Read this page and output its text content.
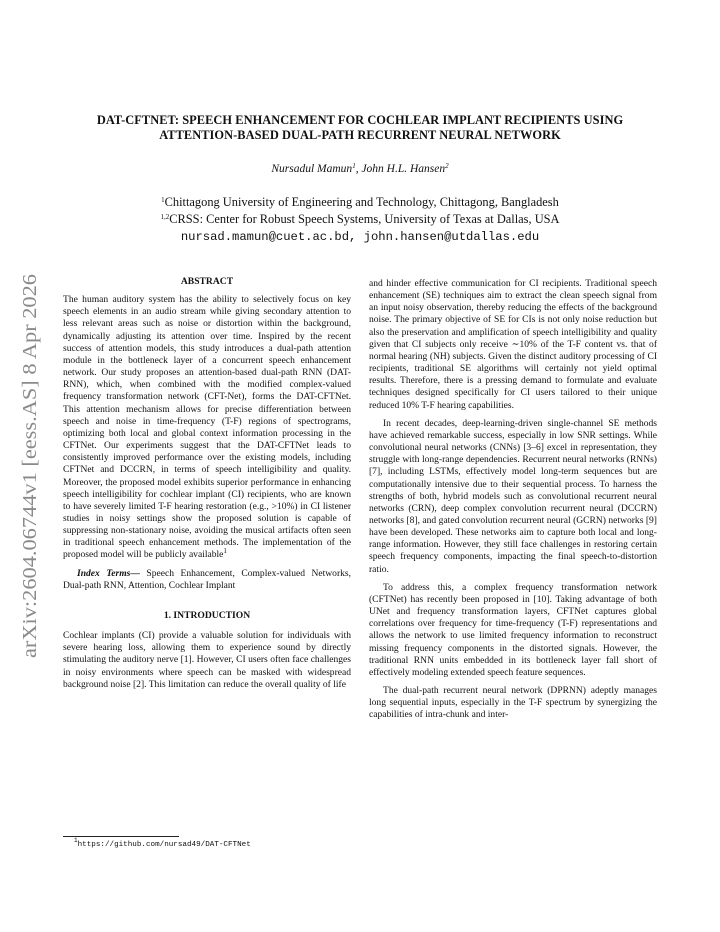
arXiv:2604.06744v1 [eess.AS] 8 Apr 2026
DAT-CFTNET: SPEECH ENHANCEMENT FOR COCHLEAR IMPLANT RECIPIENTS USING
ATTENTION-BASED DUAL-PATH RECURRENT NEURAL NETWORK
Nursadul Mamun$^1$, John H.L. Hansen$^2$
$^1$Chittagong University of Engineering and Technology, Chittagong, Bangladesh
$^{1,2}$CRSS: Center for Robust Speech Systems, University of Texas at Dallas, USA
nursad.mamun@cuet.ac.bd, john.hansen@utdallas.edu
ABSTRACT

The human auditory system has the ability to selectively focus on key speech elements in an audio stream while giving secondary attention to less relevant areas such as noise or distortion within the background, dynamically adjusting its attention over time. Inspired by the recent success of attention models, this study introduces a dual-path attention module in the bottleneck layer of a concurrent speech enhancement network. Our study proposes an attention-based dual-path RNN (DAT-RNN), which, when combined with the modified complex-valued frequency transformation network (CFT-Net), forms the DAT-CFTNet. This attention mechanism allows for precise differentiation between speech and noise in time-frequency (T-F) regions of spectrograms, optimizing both local and global context information processing in the CFTNet. Our experiments suggest that the DAT-CFTNet leads to consistently improved performance over the existing models, including CFTNet and DCCRN, in terms of speech intelligibility and quality. Moreover, the proposed model exhibits superior performance in enhancing speech intelligibility for cochlear implant (CI) recipients, who are known to have severely limited T-F hearing restoration (e.g., >10%) in CI listener studies in noisy settings show the proposed solution is capable of suppressing non-stationary noise, avoiding the musical artifacts often seen in traditional speech enhancement methods. The implementation of the proposed model will be publicly available$^1$

Index Terms— Speech Enhancement, Complex-valued Networks, Dual-path RNN, Attention, Cochlear Implant

1. INTRODUCTION

Cochlear implants (CI) provide a valuable solution for individuals with severe hearing loss, allowing them to experience sound by directly stimulating the auditory nerve [1]. However, CI users often face challenges in noisy environments where speech can be masked with widespread background noise [2]. This limitation can reduce the overall quality of life

and hinder effective communication for CI recipients. Traditional speech enhancement (SE) techniques aim to extract the clean speech signal from an input noisy observation, thereby reducing the effects of the background noise. The primary objective of SE for CIs is not only noise reduction but also the preservation and amplification of speech intelligibility and quality given that CI subjects only receive ∼10% of the T-F content vs. that of normal hearing (NH) subjects. Given the distinct auditory processing of CI recipients, traditional SE algorithms will certainly not yield optimal results. Therefore, there is a pressing demand to formulate and evaluate techniques designed specifically for CI users tailored to their unique reduced 10% T-F hearing capabilities.

In recent decades, deep-learning-driven single-channel SE methods have achieved remarkable success, especially in low SNR settings. While convolutional neural networks (CNNs) [3–6] excel in representation, they struggle with long-range dependencies. Recurrent neural networks (RNNs) [7], including LSTMs, effectively model long-term sequences but are computationally intensive due to their sequential process. To harness the strengths of both, hybrid models such as convolutional recurrent neural networks (CRN), deep complex convolution recurrent neural (DCCRN) networks [8], and gated convolution recurrent neural (GCRN) networks [9] have been developed. These networks aim to capture both local and long-range information. However, they still face challenges in restoring certain speech frequency components, impacting the final speech-to-distortion ratio.

To address this, a complex frequency transformation network (CFTNet) has recently been proposed in [10]. Taking advantage of both UNet and frequency transformation layers, CFTNet captures global correlations over frequency for time-frequency (T-F) representations and allows the network to use limited frequency information to reconstruct missing frequency components in the distorted signals. However, the traditional RNN units embedded in its bottleneck layer fall short of effectively modeling extended speech feature sequences.

The dual-path recurrent neural network (DPRNN) adeptly manages long sequential inputs, especially in the T-F spectrum by synergizing the capabilities of intra-chunk and inter-

$^1$https://github.com/nursad49/DAT-CFTNet
